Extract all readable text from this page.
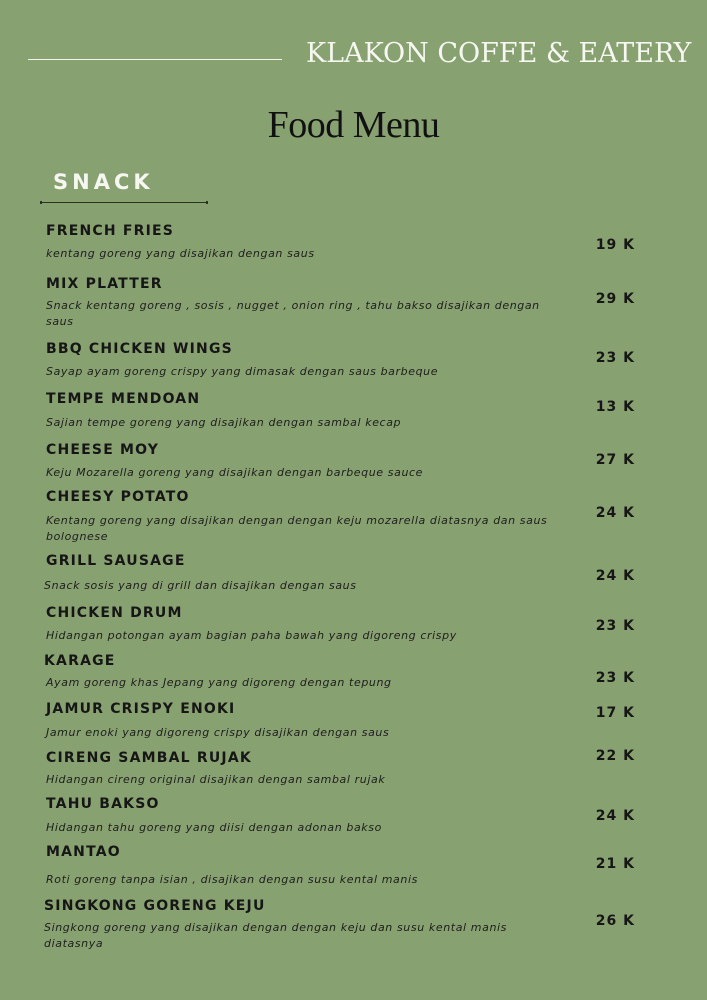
KLAKON COFFE & EATERY
Food Menu
SNACK
FRENCH FRIES
kentang goreng yang disajikan dengan saus
19 K
MIX PLATTER
Snack kentang goreng , sosis , nugget , onion ring , tahu bakso disajikan dengan saus
29 K
BBQ CHICKEN WINGS
Sayap ayam goreng crispy yang dimasak dengan saus barbeque
23 K
TEMPE MENDOAN
Sajian tempe goreng yang disajikan dengan sambal kecap
13 K
CHEESE MOY
Keju Mozarella goreng yang disajikan dengan barbeque sauce
27 K
CHEESY POTATO
Kentang goreng yang disajikan dengan dengan keju mozarella diatasnya dan saus bolognese
24 K
GRILL SAUSAGE
Snack sosis yang di grill dan disajikan dengan saus
24 K
CHICKEN DRUM
Hidangan potongan ayam bagian paha bawah yang digoreng crispy
23 K
KARAGE
Ayam goreng khas Jepang yang digoreng dengan tepung	23 K
JAMUR CRISPY ENOKI
Jamur enoki yang digoreng crispy disajikan dengan saus
17 K
CIRENG SAMBAL RUJAK
Hidangan cireng original disajikan dengan sambal rujak
22 K
TAHU BAKSO
Hidangan tahu goreng yang diisi dengan adonan bakso
24 K
MANTAO
Roti goreng tanpa isian , disajikan dengan susu kental manis
21 K
SINGKONG GORENG KEJU
Singkong goreng yang disajikan dengan dengan keju dan susu kental manis diatasnya
26 K
